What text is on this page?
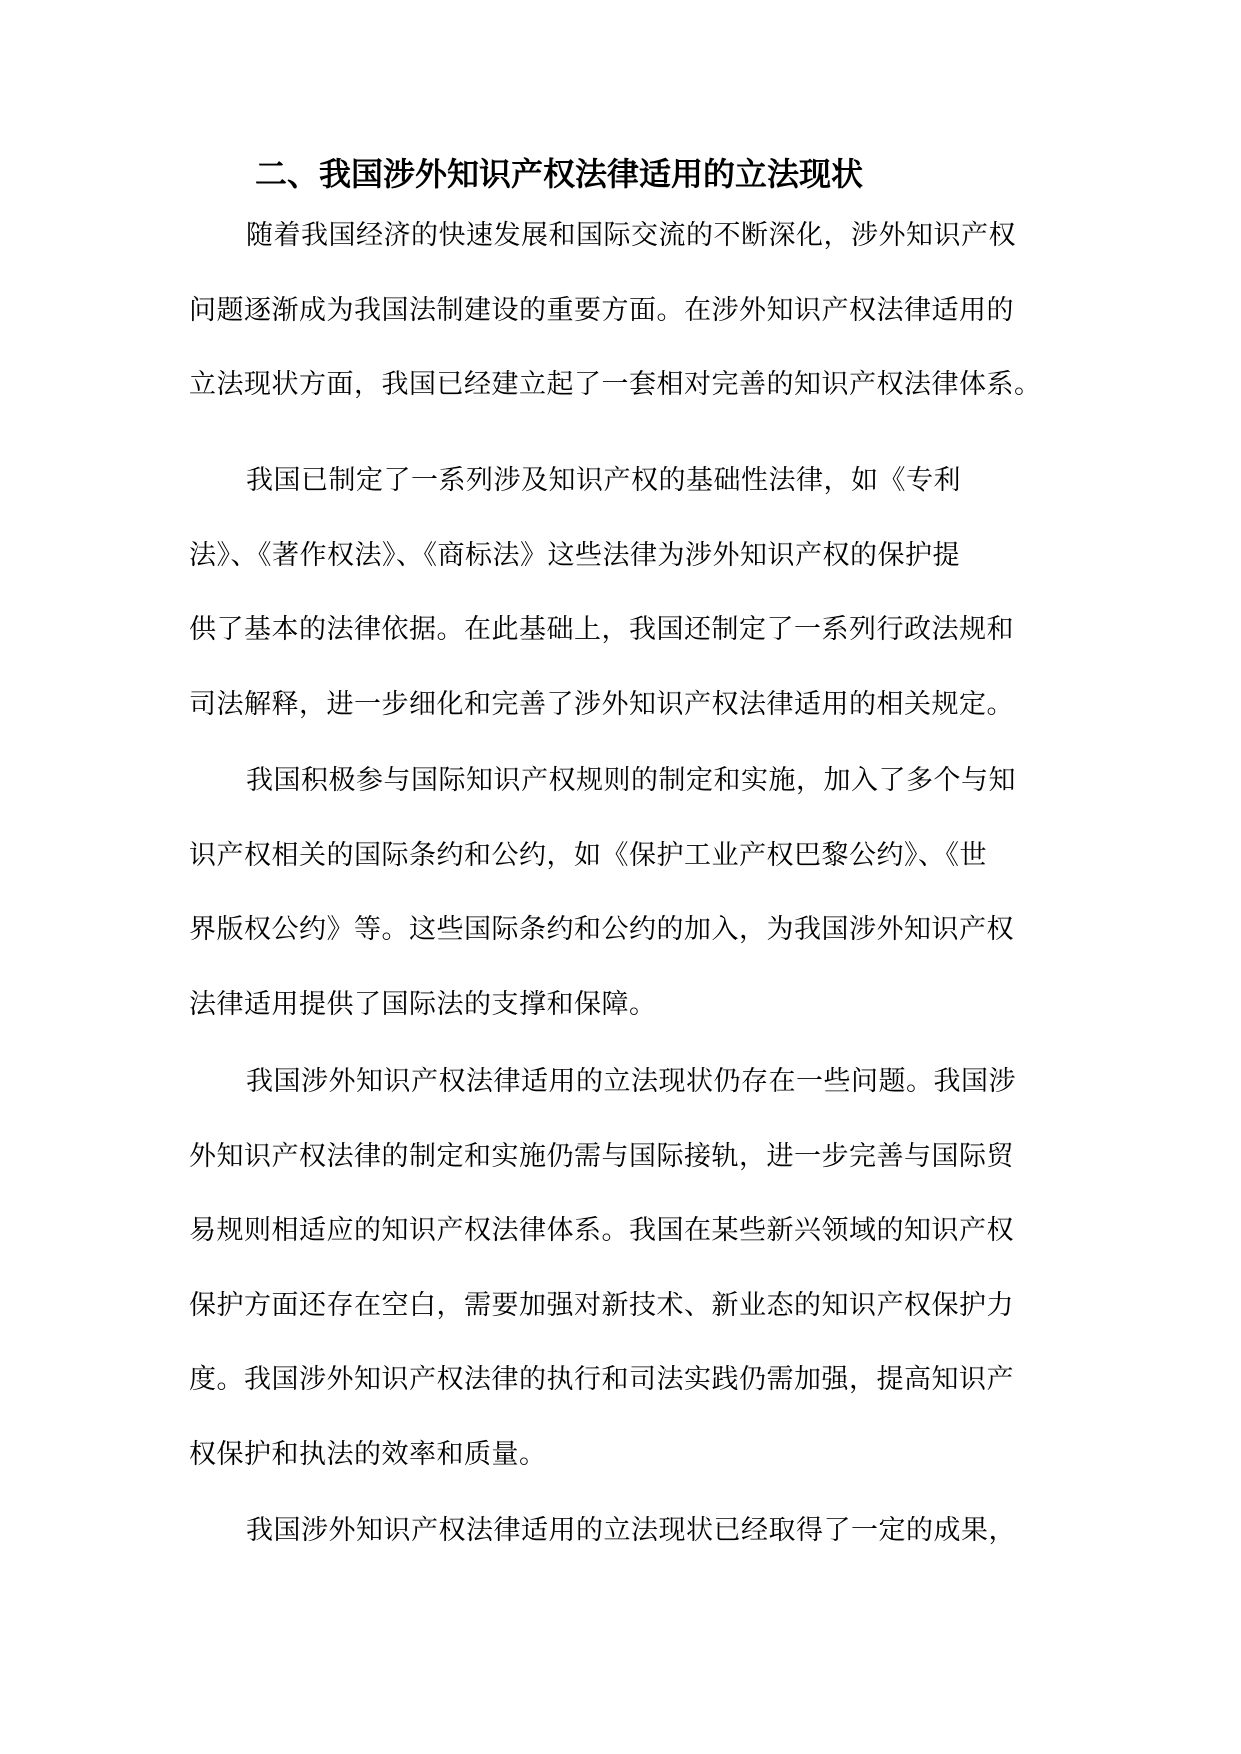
二、我国涉外知识产权法律适用的立法现状
随着我国经济的快速发展和国际交流的不断深化，涉外知识产权
问题逐渐成为我国法制建设的重要方面。在涉外知识产权法律适用的
立法现状方面，我国已经建立起了一套相对完善的知识产权法律体系。
我国已制定了一系列涉及知识产权的基础性法律，如《专利
法》、《著作权法》、《商标法》这些法律为涉外知识产权的保护提
供了基本的法律依据。在此基础上，我国还制定了一系列行政法规和
司法解释，进一步细化和完善了涉外知识产权法律适用的相关规定。
我国积极参与国际知识产权规则的制定和实施，加入了多个与知
识产权相关的国际条约和公约，如《保护工业产权巴黎公约》、《世
界版权公约》等。这些国际条约和公约的加入，为我国涉外知识产权
法律适用提供了国际法的支撑和保障。
我国涉外知识产权法律适用的立法现状仍存在一些问题。我国涉
外知识产权法律的制定和实施仍需与国际接轨，进一步完善与国际贸
易规则相适应的知识产权法律体系。我国在某些新兴领域的知识产权
保护方面还存在空白，需要加强对新技术、新业态的知识产权保护力
度。我国涉外知识产权法律的执行和司法实践仍需加强，提高知识产
权保护和执法的效率和质量。
我国涉外知识产权法律适用的立法现状已经取得了一定的成果，
